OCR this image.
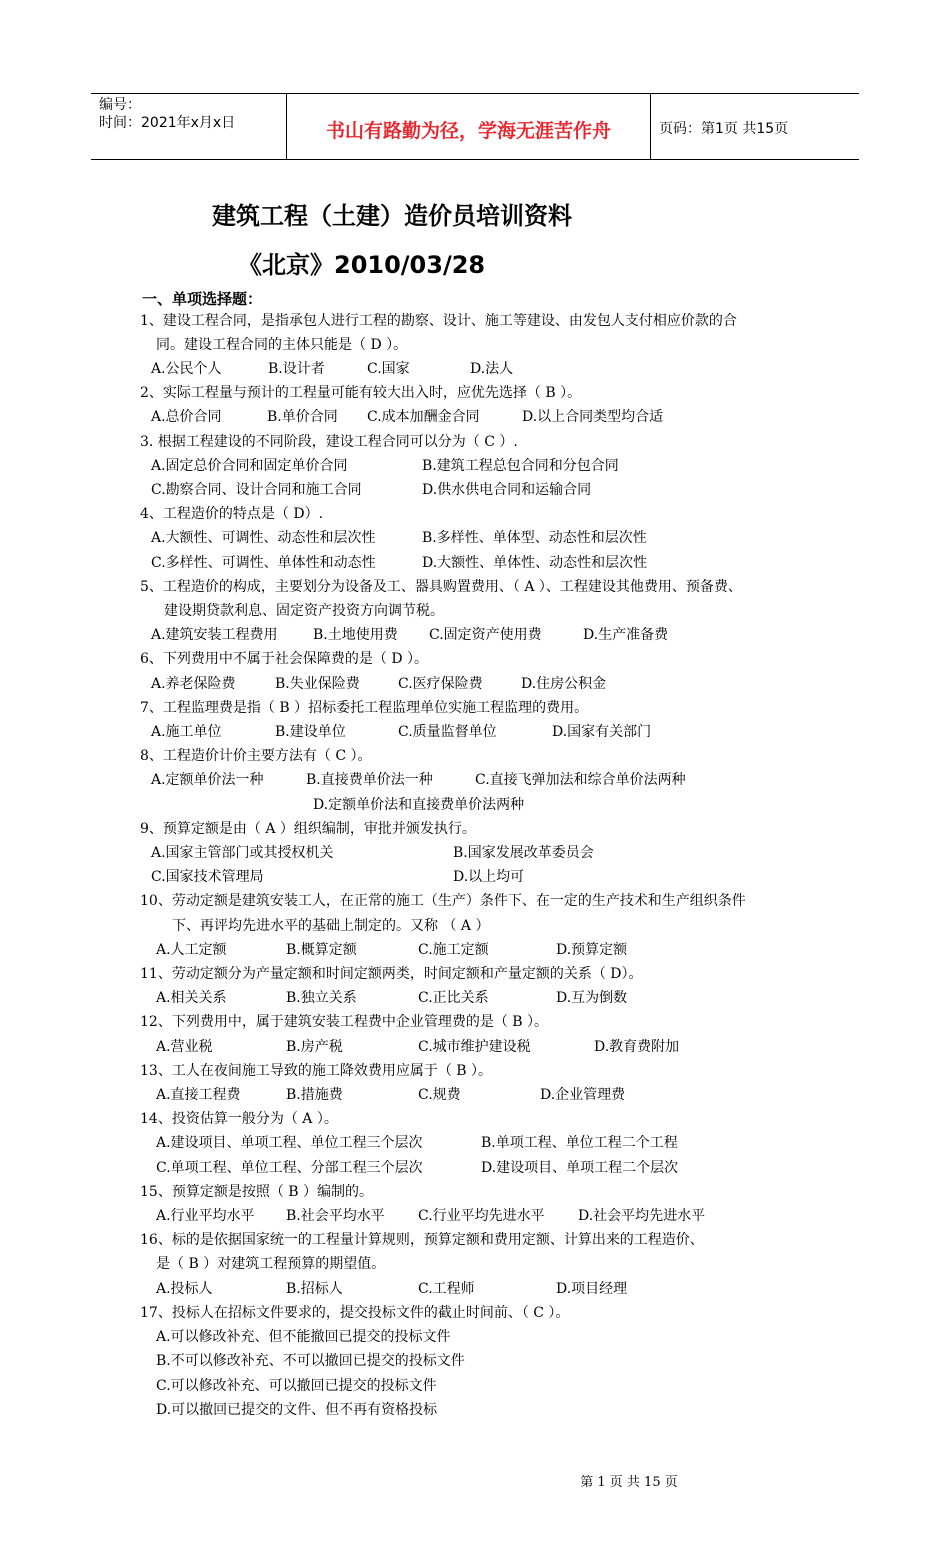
编号：
时间：2021年x月x日	书山有路勤为径，学海无涯苦作舟	页码：第1页 共15页
建筑工程（土建）造价员培训资料
《北京》2010/03/28
一、单项选择题：
1、建设工程合同，是指承包人进行工程的勘察、设计、施工等建设、由发包人支付相应价款的合
同。建设工程合同的主体只能是（ D ）。
A.公民个人	B.设计者	C.国家	D.法人
2、实际工程量与预计的工程量可能有较大出入时，应优先选择（ B ）。
A.总价合同	B.单价合同 C.成本加酬金合同	D.以上合同类型均合适
3. 根据工程建设的不同阶段，建设工程合同可以分为（ C ）.
A.固定总价合同和固定单价合同	B.建筑工程总包合同和分包合同
C.勘察合同、设计合同和施工合同	D.供水供电合同和运输合同
4、工程造价的特点是（ D）.
A.大额性、可调性、动态性和层次性	B.多样性、单体型、动态性和层次性
C.多样性、可调性、单体性和动态性	D.大额性、单体性、动态性和层次性
5、工程造价的构成，主要划分为设备及工、器具购置费用、（ A ）、工程建设其他费用、预备费、
建设期贷款利息、固定资产投资方向调节税。
A.建筑安装工程费用	B.土地使用费 C.固定资产使用费	D.生产准备费
6、下列费用中不属于社会保障费的是（ D ）。
A.养老保险费	B.失业保险费	C.医疗保险费	D.住房公积金
7、工程监理费是指（ B ）招标委托工程监理单位实施工程监理的费用。
A.施工单位	B.建设单位	C.质量监督单位	D.国家有关部门
8、工程造价计价主要方法有（ C ）。
A.定额单价法一种	B.直接费单价法一种	C.直接飞弹加法和综合单价法两种
D.定额单价法和直接费单价法两种
9、预算定额是由（ A ）组织编制，审批并颁发执行。
A.国家主管部门或其授权机关	B.国家发展改革委员会
C.国家技术管理局	D.以上均可
10、劳动定额是建筑安装工人，在正常的施工（生产）条件下、在一定的生产技术和生产组织条件
下、再评均先进水平的基础上制定的。又称 （ A ）
A.人工定额	B.概算定额	C.施工定额	D.预算定额
11、劳动定额分为产量定额和时间定额两类，时间定额和产量定额的关系（ D）。
A.相关关系	B.独立关系	C.正比关系	D.互为倒数
12、下列费用中，属于建筑安装工程费中企业管理费的是（ B ）。
A.营业税	B.房产税	C.城市维护建设税	D.教育费附加
13、工人在夜间施工导致的施工降效费用应属于（ B ）。
A.直接工程费	B.措施费	C.规费	D.企业管理费
14、投资估算一般分为（ A ）。
A.建设项目、单项工程、单位工程三个层次	B.单项工程、单位工程二个工程
C.单项工程、单位工程、分部工程三个层次	D.建设项目、单项工程二个层次
15、预算定额是按照（ B ）编制的。
A.行业平均水平 B.社会平均水平 C.行业平均先进水平 D.社会平均先进水平
16、标的是依据国家统一的工程量计算规则，预算定额和费用定额、计算出来的工程造价、
是（ B ）对建筑工程预算的期望值。
A.投标人	B.招标人	C.工程师	D.项目经理
17、投标人在招标文件要求的，提交投标文件的截止时间前、（ C ）。
A.可以修改补充、但不能撤回已提交的投标文件
B.不可以修改补充、不可以撤回已提交的投标文件
C.可以修改补充、可以撤回已提交的投标文件
D.可以撤回已提交的文件、但不再有资格投标
第 1 页 共 15 页
